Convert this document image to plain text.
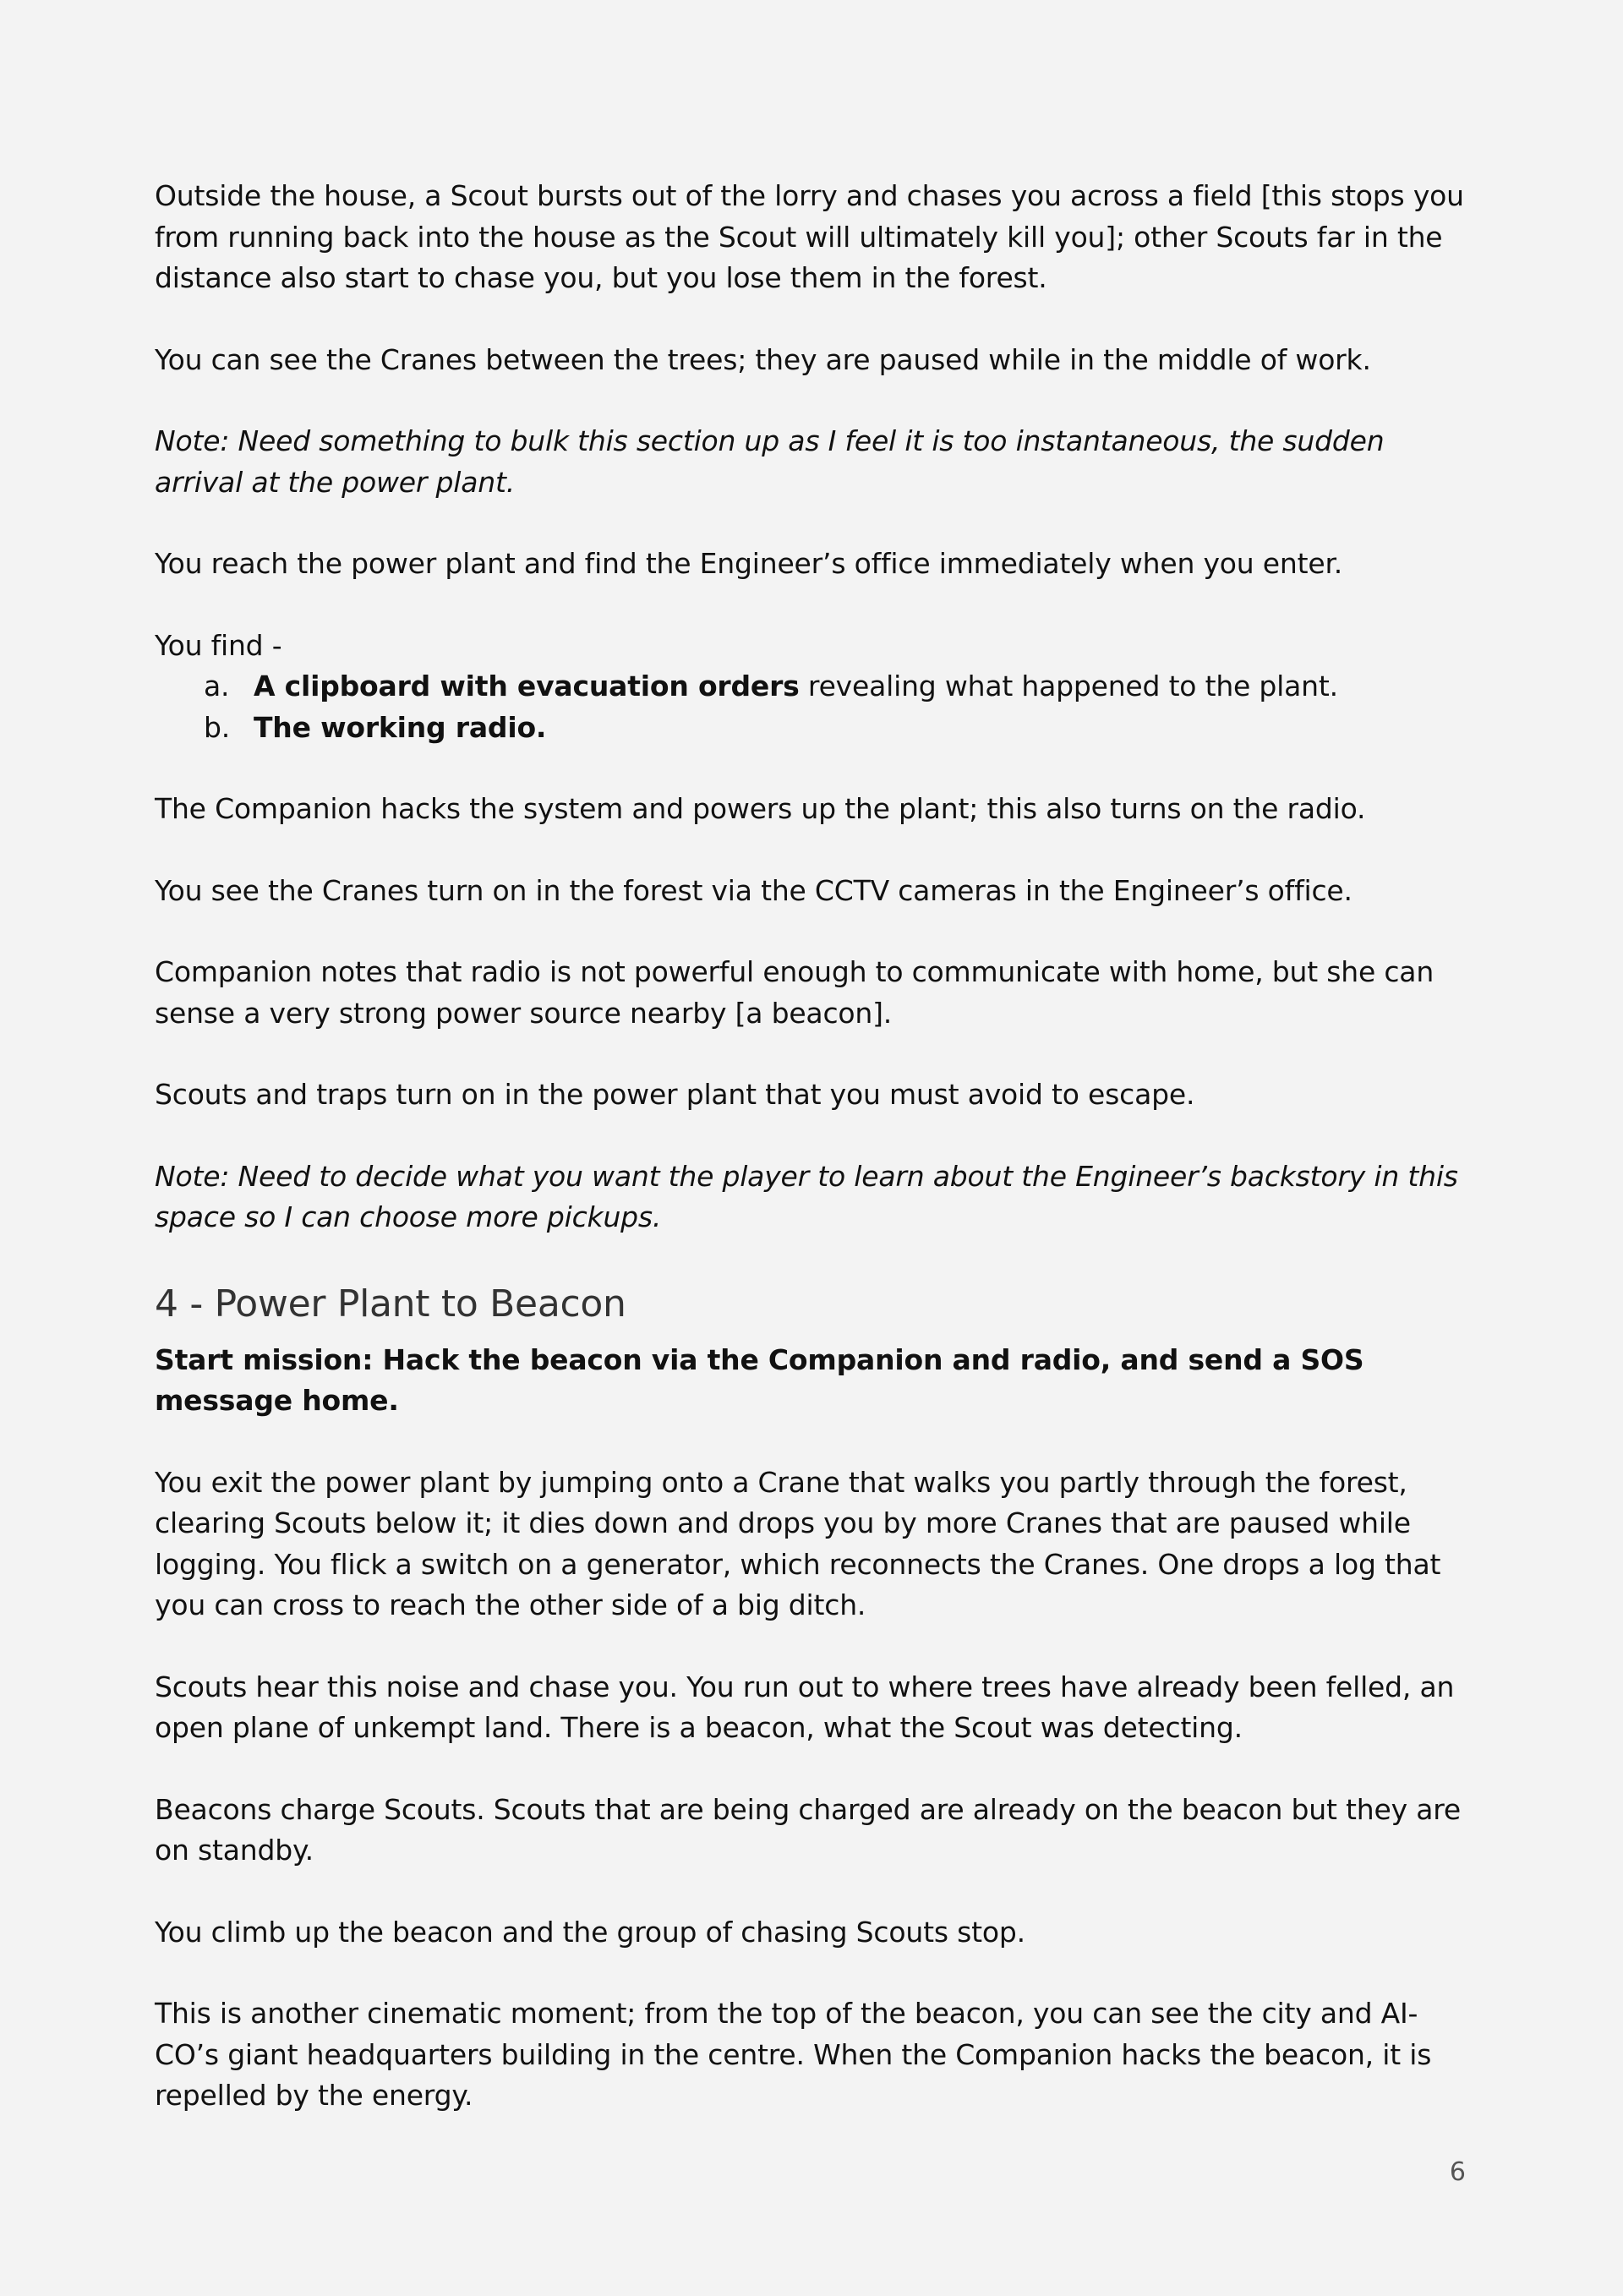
Outside the house, a Scout bursts out of the lorry and chases you across a field [this stops you from running back into the house as the Scout will ultimately kill you]; other Scouts far in the distance also start to chase you, but you lose them in the forest.

You can see the Cranes between the trees; they are paused while in the middle of work.

Note: Need something to bulk this section up as I feel it is too instantaneous, the sudden arrival at the power plant.

You reach the power plant and find the Engineer’s office immediately when you enter.

You find -

a. A clipboard with evacuation orders revealing what happened to the plant.
b. The working radio.

The Companion hacks the system and powers up the plant; this also turns on the radio.

You see the Cranes turn on in the forest via the CCTV cameras in the Engineer’s office.

Companion notes that radio is not powerful enough to communicate with home, but she can sense a very strong power source nearby [a beacon].

Scouts and traps turn on in the power plant that you must avoid to escape.

Note: Need to decide what you want the player to learn about the Engineer’s backstory in this space so I can choose more pickups.

4 - Power Plant to Beacon

Start mission: Hack the beacon via the Companion and radio, and send a SOS message home.

You exit the power plant by jumping onto a Crane that walks you partly through the forest, clearing Scouts below it; it dies down and drops you by more Cranes that are paused while logging. You flick a switch on a generator, which reconnects the Cranes. One drops a log that you can cross to reach the other side of a big ditch.

Scouts hear this noise and chase you. You run out to where trees have already been felled, an open plane of unkempt land. There is a beacon, what the Scout was detecting.

Beacons charge Scouts. Scouts that are being charged are already on the beacon but they are on standby.

You climb up the beacon and the group of chasing Scouts stop.

This is another cinematic moment; from the top of the beacon, you can see the city and AI-CO’s giant headquarters building in the centre. When the Companion hacks the beacon, it is repelled by the energy.

6
